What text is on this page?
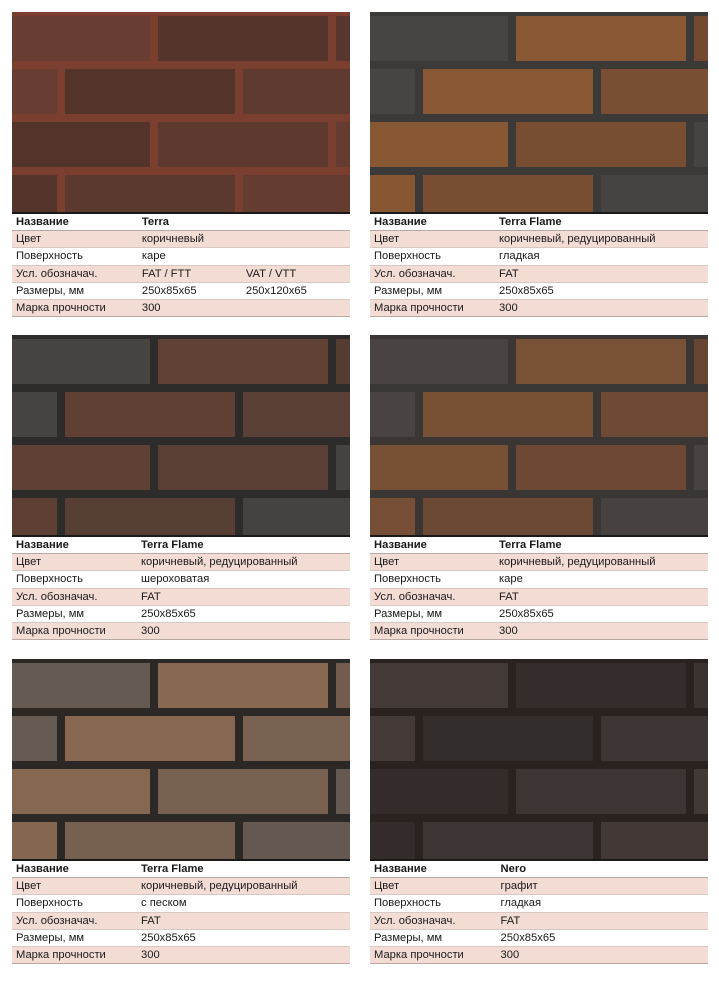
Название	Terra	
Цвет	коричневый	
Поверхность	каре	
Усл. обозначач.	FAT / FTT	VAT / VTT
Размеры, мм	250x85x65	250x120x65
Марка прочности	300	
Название	Terra Flame	
Цвет	коричневый, редуцированный	
Поверхность	гладкая	
Усл. обозначач.	FAT	
Размеры, мм	250x85x65	
Марка прочности	300	
Название	Terra Flame	
Цвет	коричневый, редуцированный	
Поверхность	шероховатая	
Усл. обозначач.	FAT	
Размеры, мм	250x85x65	
Марка прочности	300	
Название	Terra Flame	
Цвет	коричневый, редуцированный	
Поверхность	каре	
Усл. обозначач.	FAT	
Размеры, мм	250x85x65	
Марка прочности	300	
Название	Terra Flame	
Цвет	коричневый, редуцированный	
Поверхность	с песком	
Усл. обозначач.	FAT	
Размеры, мм	250x85x65	
Марка прочности	300	
Название	Nero	
Цвет	графит	
Поверхность	гладкая	
Усл. обозначач.	FAT	
Размеры, мм	250x85x65	
Марка прочности	300	
